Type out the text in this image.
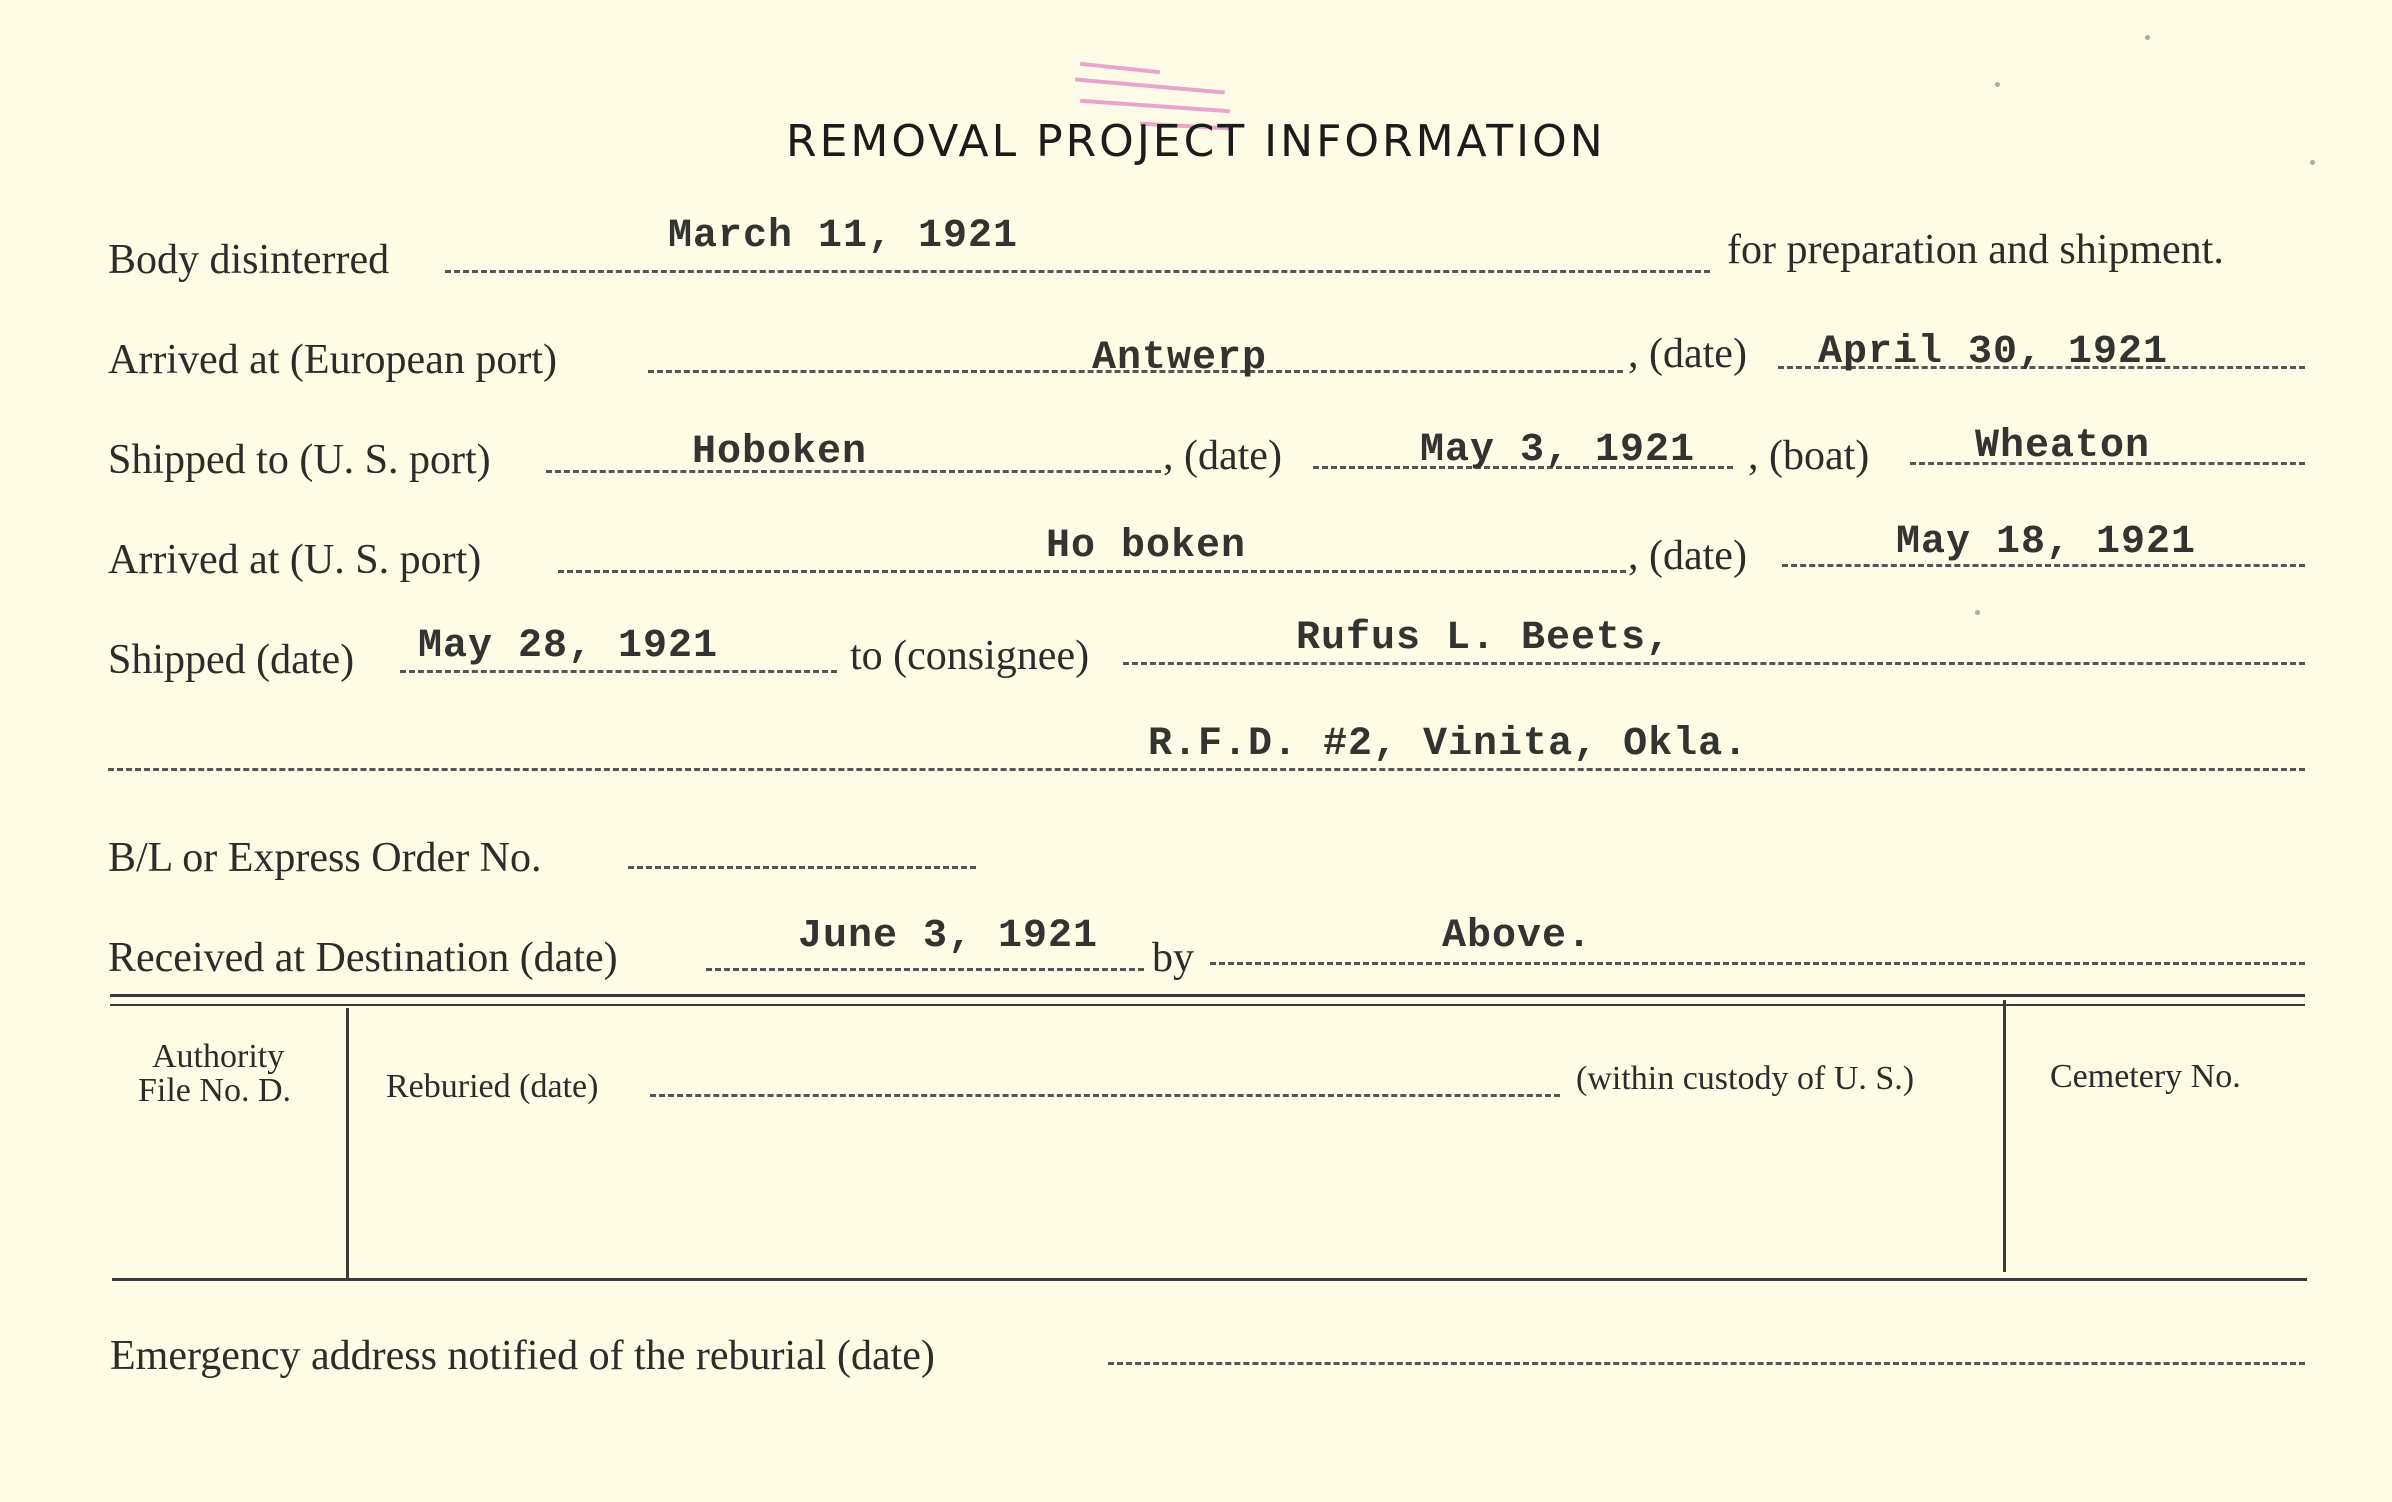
REMOVAL PROJECT INFORMATION
Body disinterred
March 11, 1921	for preparation and shipment.
Arrived at (European port)	Antwerp	, (date) April 30, 1921
Shipped to (U. S. port)	Hoboken	, (date)	May 3, 1921 , (boat)	Wheaton
Arrived at (U. S. port)	Ho boken	, (date)	May 18, 1921
Shipped (date) May 28, 1921	to (consignee)	Rufus L. Beets,
R.F.D. #2, Vinita, Okla.
B/L or Express Order No.
Received at Destination (date)	June 3, 1921 by	Above.
Authority
File No. D.	Reburied (date)	(within custody of U. S.)	Cemetery No.
Emergency address notified of the reburial (date)
